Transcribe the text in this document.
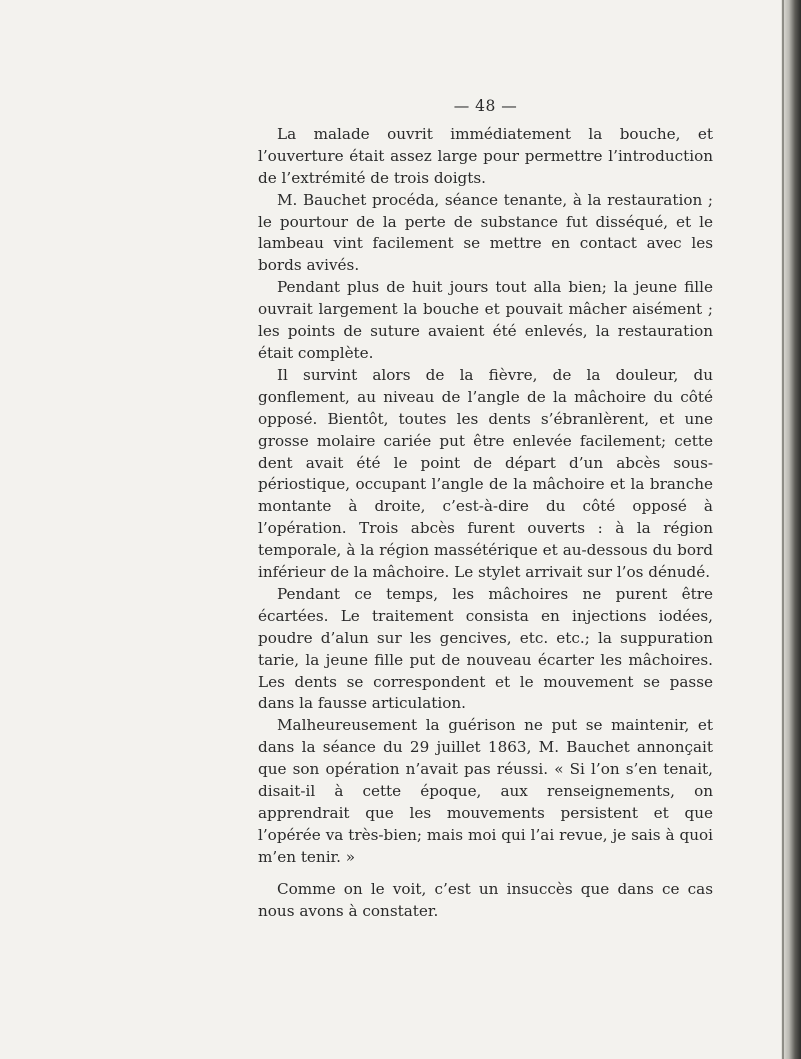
— 48 —

La malade ouvrit immédiatement la bouche, et l’ouverture était assez large pour permettre l’introduction de l’extrémité de trois doigts.

M. Bauchet procéda, séance tenante, à la restauration ; le pourtour de la perte de substance fut disséqué, et le lambeau vint facilement se mettre en contact avec les bords avivés.

Pendant plus de huit jours tout alla bien; la jeune fille ouvrait largement la bouche et pouvait mâcher aisément ; les points de suture avaient été enlevés, la restauration était complète.

Il survint alors de la fièvre, de la douleur, du gonflement, au niveau de l’angle de la mâchoire du côté opposé. Bientôt, toutes les dents s’ébranlèrent, et une grosse molaire cariée put être enlevée facilement; cette dent avait été le point de départ d’un abcès sous-périostique, occupant l’angle de la mâchoire et la branche montante à droite, c’est-à-dire du côté opposé à l’opération. Trois abcès furent ouverts : à la région temporale, à la région massétérique et au-dessous du bord inférieur de la mâchoire. Le stylet arrivait sur l’os dénudé.

Pendant ce temps, les mâchoires ne purent être écartées. Le traitement consista en injections iodées, poudre d’alun sur les gencives, etc. etc.; la suppuration tarie, la jeune fille put de nouveau écarter les mâchoires. Les dents se correspondent et le mouvement se passe dans la fausse articulation.

Malheureusement la guérison ne put se maintenir, et dans la séance du 29 juillet 1863, M. Bauchet annonçait que son opération n’avait pas réussi. « Si l’on s’en tenait, disait-il à cette époque, aux renseignements, on apprendrait que les mouvements persistent et que l’opérée va très-bien; mais moi qui l’ai revue, je sais à quoi m’en tenir. »

Comme on le voit, c’est un insuccès que dans ce cas nous avons à constater.
